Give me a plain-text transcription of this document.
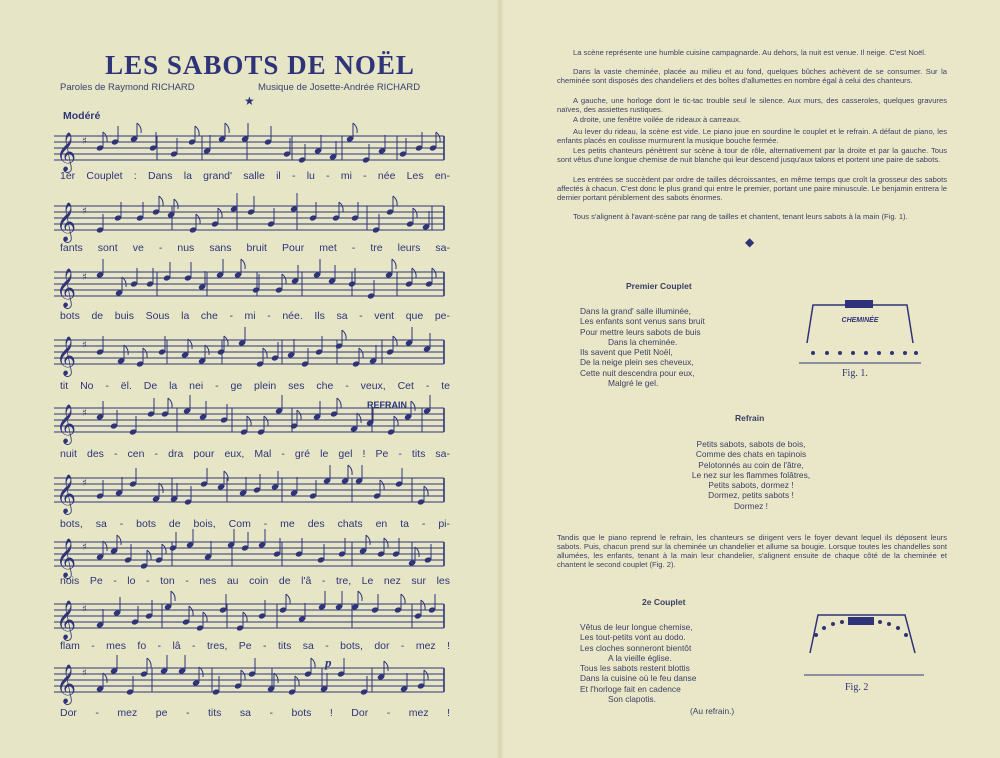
LES SABOTS DE NOËL
Paroles de Raymond RICHARD	Musique de Josette-Andrée RICHARD
★
Modéré
𝄞 ♯
𝄞 ♯
𝄞 ♯
𝄞 ♯
𝄞 ♯
𝄞 ♯
𝄞 ♯
𝄞 ♯
𝄞 ♯
REFRAIN
p
1er Couplet : Dans la grand' salle il - lu - mi - née Les en-
fants sont ve - nus sans bruit Pour met - tre leurs sa-
bots de buis Sous la che - mi - née. Ils sa - vent que pe-
tit No - ël. De la nei - ge plein ses che - veux, Cet - te
nuit des - cen - dra pour eux, Mal - gré le gel ! Pe - tits sa-
bots, sa - bots de bois, Com - me des chats en ta - pi-
nois Pe - lo - ton - nes au coin de l'â - tre, Le nez sur les
flam - mes fo - lâ - tres, Pe - tits sa - bots, dor - mez !
Dor - mez pe - tits sa - bots ! Dor - mez !
La scène représente une humble cuisine campagnarde. Au dehors, la nuit est venue. Il neige. C'est Noël.
Dans la vaste cheminée, placée au milieu et au fond, quelques bûches achèvent de se consumer. Sur la cheminée sont disposés des chandeliers et des boîtes d'allumettes en nombre égal à celui des chanteurs.
A gauche, une horloge dont le tic-tac trouble seul le silence. Aux murs, des casseroles, quelques gravures naïves, des assiettes rustiques.
A droite, une fenêtre voilée de rideaux à carreaux.
Au lever du rideau, la scène est vide. Le piano joue en sourdine le couplet et le refrain. A défaut de piano, les enfants placés en coulisse murmurent la musique bouche fermée.
Les petits chanteurs pénètrent sur scène à tour de rôle, alternativement par la droite et par la gauche. Tous sont vêtus d'une longue chemise de nuit blanche qui leur descend jusqu'aux talons et portent une paire de sabots.
Les entrées se succèdent par ordre de tailles décroissantes, en même temps que croît la grosseur des sabots affectés à chacun. C'est donc le plus grand qui entre le premier, portant une paire minuscule. Le benjamin entrera le dernier portant péniblement des sabots énormes.
Tous s'alignent à l'avant-scène par rang de tailles et chantent, tenant leurs sabots à la main (Fig. 1).
◆
Premier Couplet
Dans la grand' salle illuminée,
Les enfants sont venus sans bruit
Pour mettre leurs sabots de buis
Dans la cheminée.
Ils savent que Petit Noël,
De la neige plein ses cheveux,
Cette nuit descendra pour eux,
Malgré le gel.
Refrain
Petits sabots, sabots de bois,
Comme des chats en tapinois
Pelotonnés au coin de l'âtre,
Le nez sur les flammes folâtres,
Petits sabots, dormez !
Dormez, petits sabots !
Dormez !
Tandis que le piano reprend le refrain, les chanteurs se dirigent vers le foyer devant lequel ils déposent leurs sabots. Puis, chacun prend sur la cheminée un chandelier et allume sa bougie. Lorsque toutes les chandelles sont allumées, les enfants, tenant à la main leur chandelier, s'alignent ensuite de chaque côté de la cheminée et chantent le second couplet (Fig. 2).
2e Couplet
Vêtus de leur longue chemise,
Les tout-petits vont au dodo.
Les cloches sonneront bientôt
A la vieille église.
Tous les sabots restent blottis
Dans la cuisine où le feu danse
Et l'horloge fait en cadence
Son clapotis.
(Au refrain.)
CHEMINÉE
Fig. 1.
Fig. 2
